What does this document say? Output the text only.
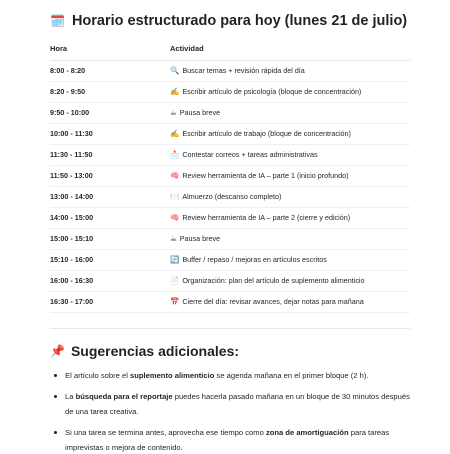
🗓️ Horario estructurado para hoy (lunes 21 de julio)
Hora	Actividad
8:00 - 8:20	🔍 Buscar temas + revisión rápida del día
8:20 - 9:50	✍️ Escribir artículo de psicología (bloque de concentración)
9:50 - 10:00	☕ Pausa breve
10:00 - 11:30	✍️ Escribir artículo de trabajo (bloque de concentración)
11:30 - 11:50	📩 Contestar correos + tareas administrativas
11:50 - 13:00	🧠 Review herramienta de IA – parte 1 (inicio profundo)
13:00 - 14:00	🍽️ Almuerzo (descanso completo)
14:00 - 15:00	🧠 Review herramienta de IA – parte 2 (cierre y edición)
15:00 - 15:10	☕ Pausa breve
15:10 - 16:00	🔄 Buffer / repaso / mejoras en artículos escritos
16:00 - 16:30	📄 Organización: plan del artículo de suplemento alimenticio
16:30 - 17:00	📅 Cierre del día: revisar avances, dejar notas para mañana
📌 Sugerencias adicionales:
El artículo sobre el suplemento alimenticio se agenda mañana en el primer bloque (2 h).
La búsqueda para el reportaje puedes hacerla pasado mañana en un bloque de 30 minutos después de una tarea creativa.
Si una tarea se termina antes, aprovecha ese tiempo como zona de amortiguación para tareas imprevistas o mejora de contenido.
